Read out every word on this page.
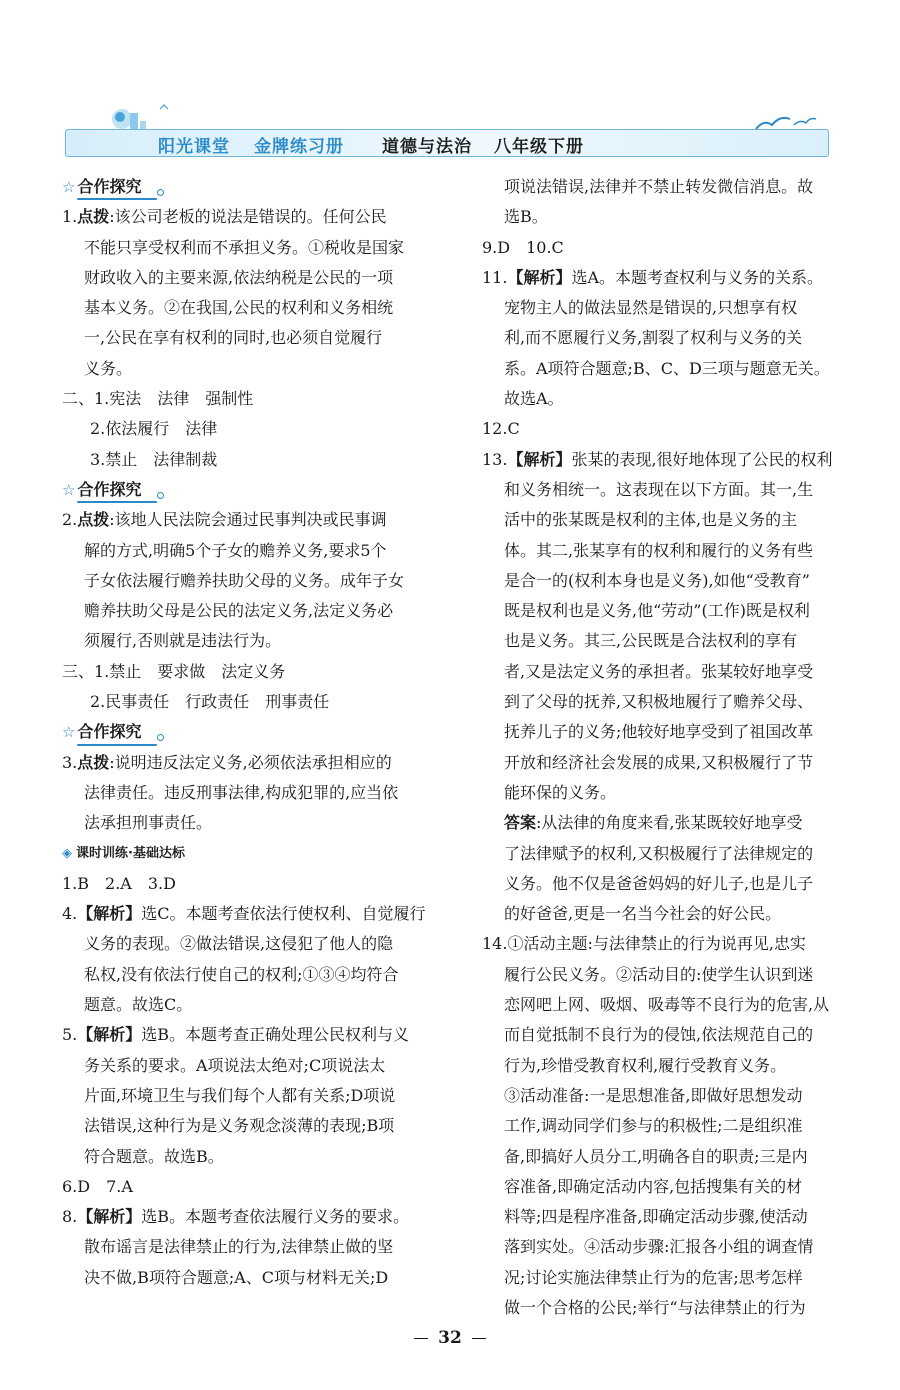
阳光课堂 金牌练习册	道德与法治 八年级下册
☆ 合作探究

1.点拨:该公司老板的说法是错误的。任何公民

不能只享受权利而不承担义务。①税收是国家

财政收入的主要来源,依法纳税是公民的一项

基本义务。②在我国,公民的权利和义务相统

一,公民在享有权利的同时,也必须自觉履行

义务。

二、1.宪法　法律　强制性

2.依法履行　法律

3.禁止　法律制裁

☆ 合作探究

2.点拨:该地人民法院会通过民事判决或民事调

解的方式,明确5个子女的赡养义务,要求5个

子女依法履行赡养扶助父母的义务。成年子女

赡养扶助父母是公民的法定义务,法定义务必

须履行,否则就是违法行为。

三、1.禁止　要求做　法定义务

2.民事责任　行政责任　刑事责任

☆ 合作探究

3.点拨:说明违反法定义务,必须依法承担相应的

法律责任。违反刑事法律,构成犯罪的,应当依

法承担刑事责任。

◈ 课时训练·基础达标

1.B　2.A　3.D

4.【解析】选C。本题考查依法行使权利、自觉履行

义务的表现。②做法错误,这侵犯了他人的隐

私权,没有依法行使自己的权利;①③④均符合

题意。故选C。

5.【解析】选B。本题考查正确处理公民权利与义

务关系的要求。A项说法太绝对;C项说法太

片面,环境卫生与我们每个人都有关系;D项说

法错误,这种行为是义务观念淡薄的表现;B项

符合题意。故选B。

6.D　7.A

8.【解析】选B。本题考查依法履行义务的要求。

散布谣言是法律禁止的行为,法律禁止做的坚

决不做,B项符合题意;A、C项与材料无关;D

项说法错误,法律并不禁止转发微信消息。故

选B。

9.D　10.C

11.【解析】选A。本题考查权利与义务的关系。

宠物主人的做法显然是错误的,只想享有权

利,而不愿履行义务,割裂了权利与义务的关

系。A项符合题意;B、C、D三项与题意无关。

故选A。

12.C

13.【解析】张某的表现,很好地体现了公民的权利

和义务相统一。这表现在以下方面。其一,生

活中的张某既是权利的主体,也是义务的主

体。其二,张某享有的权利和履行的义务有些

是合一的(权利本身也是义务),如他“受教育”

既是权利也是义务,他“劳动”(工作)既是权利

也是义务。其三,公民既是合法权利的享有

者,又是法定义务的承担者。张某较好地享受

到了父母的抚养,又积极地履行了赡养父母、

抚养儿子的义务;他较好地享受到了祖国改革

开放和经济社会发展的成果,又积极履行了节

能环保的义务。

答案:从法律的角度来看,张某既较好地享受

了法律赋予的权利,又积极履行了法律规定的

义务。他不仅是爸爸妈妈的好儿子,也是儿子

的好爸爸,更是一名当今社会的好公民。

14.①活动主题:与法律禁止的行为说再见,忠实

履行公民义务。②活动目的:使学生认识到迷

恋网吧上网、吸烟、吸毒等不良行为的危害,从

而自觉抵制不良行为的侵蚀,依法规范自己的

行为,珍惜受教育权利,履行受教育义务。

③活动准备:一是思想准备,即做好思想发动

工作,调动同学们参与的积极性;二是组织准

备,即搞好人员分工,明确各自的职责;三是内

容准备,即确定活动内容,包括搜集有关的材

料等;四是程序准备,即确定活动步骤,使活动

落到实处。④活动步骤:汇报各小组的调查情

况;讨论实施法律禁止行为的危害;思考怎样

做一个合格的公民;举行“与法律禁止的行为

32
